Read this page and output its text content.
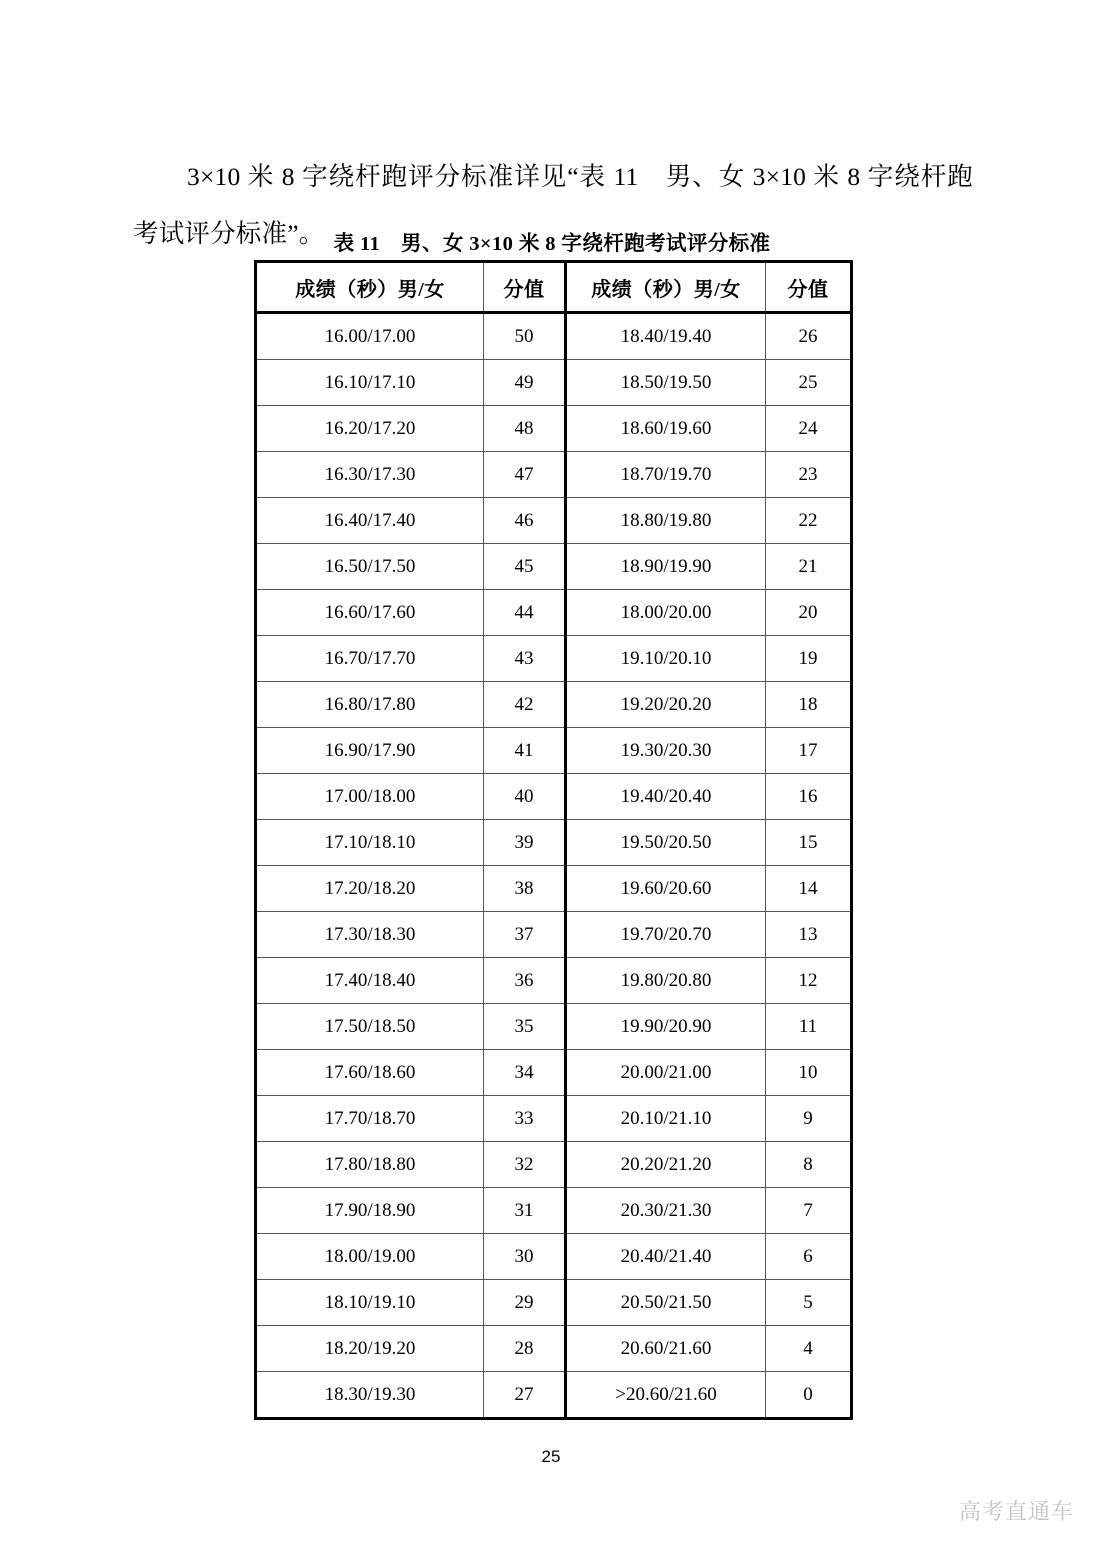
3×10 米 8 字绕杆跑评分标准详见“表 11　男、女 3×10 米 8 字绕杆跑考试评分标准”。 表 11　男、女 3×10 米 8 字绕杆跑考试评分标准
成绩（秒）男/女	分值	成绩（秒）男/女	分值
16.00/17.00	50	18.40/19.40	26
16.10/17.10	49	18.50/19.50	25
16.20/17.20	48	18.60/19.60	24
16.30/17.30	47	18.70/19.70	23
16.40/17.40	46	18.80/19.80	22
16.50/17.50	45	18.90/19.90	21
16.60/17.60	44	18.00/20.00	20
16.70/17.70	43	19.10/20.10	19
16.80/17.80	42	19.20/20.20	18
16.90/17.90	41	19.30/20.30	17
17.00/18.00	40	19.40/20.40	16
17.10/18.10	39	19.50/20.50	15
17.20/18.20	38	19.60/20.60	14
17.30/18.30	37	19.70/20.70	13
17.40/18.40	36	19.80/20.80	12
17.50/18.50	35	19.90/20.90	11
17.60/18.60	34	20.00/21.00	10
17.70/18.70	33	20.10/21.10	9
17.80/18.80	32	20.20/21.20	8
17.90/18.90	31	20.30/21.30	7
18.00/19.00	30	20.40/21.40	6
18.10/19.10	29	20.50/21.50	5
18.20/19.20	28	20.60/21.60	4
18.30/19.30	27	>20.60/21.60	0
25
高考直通车
